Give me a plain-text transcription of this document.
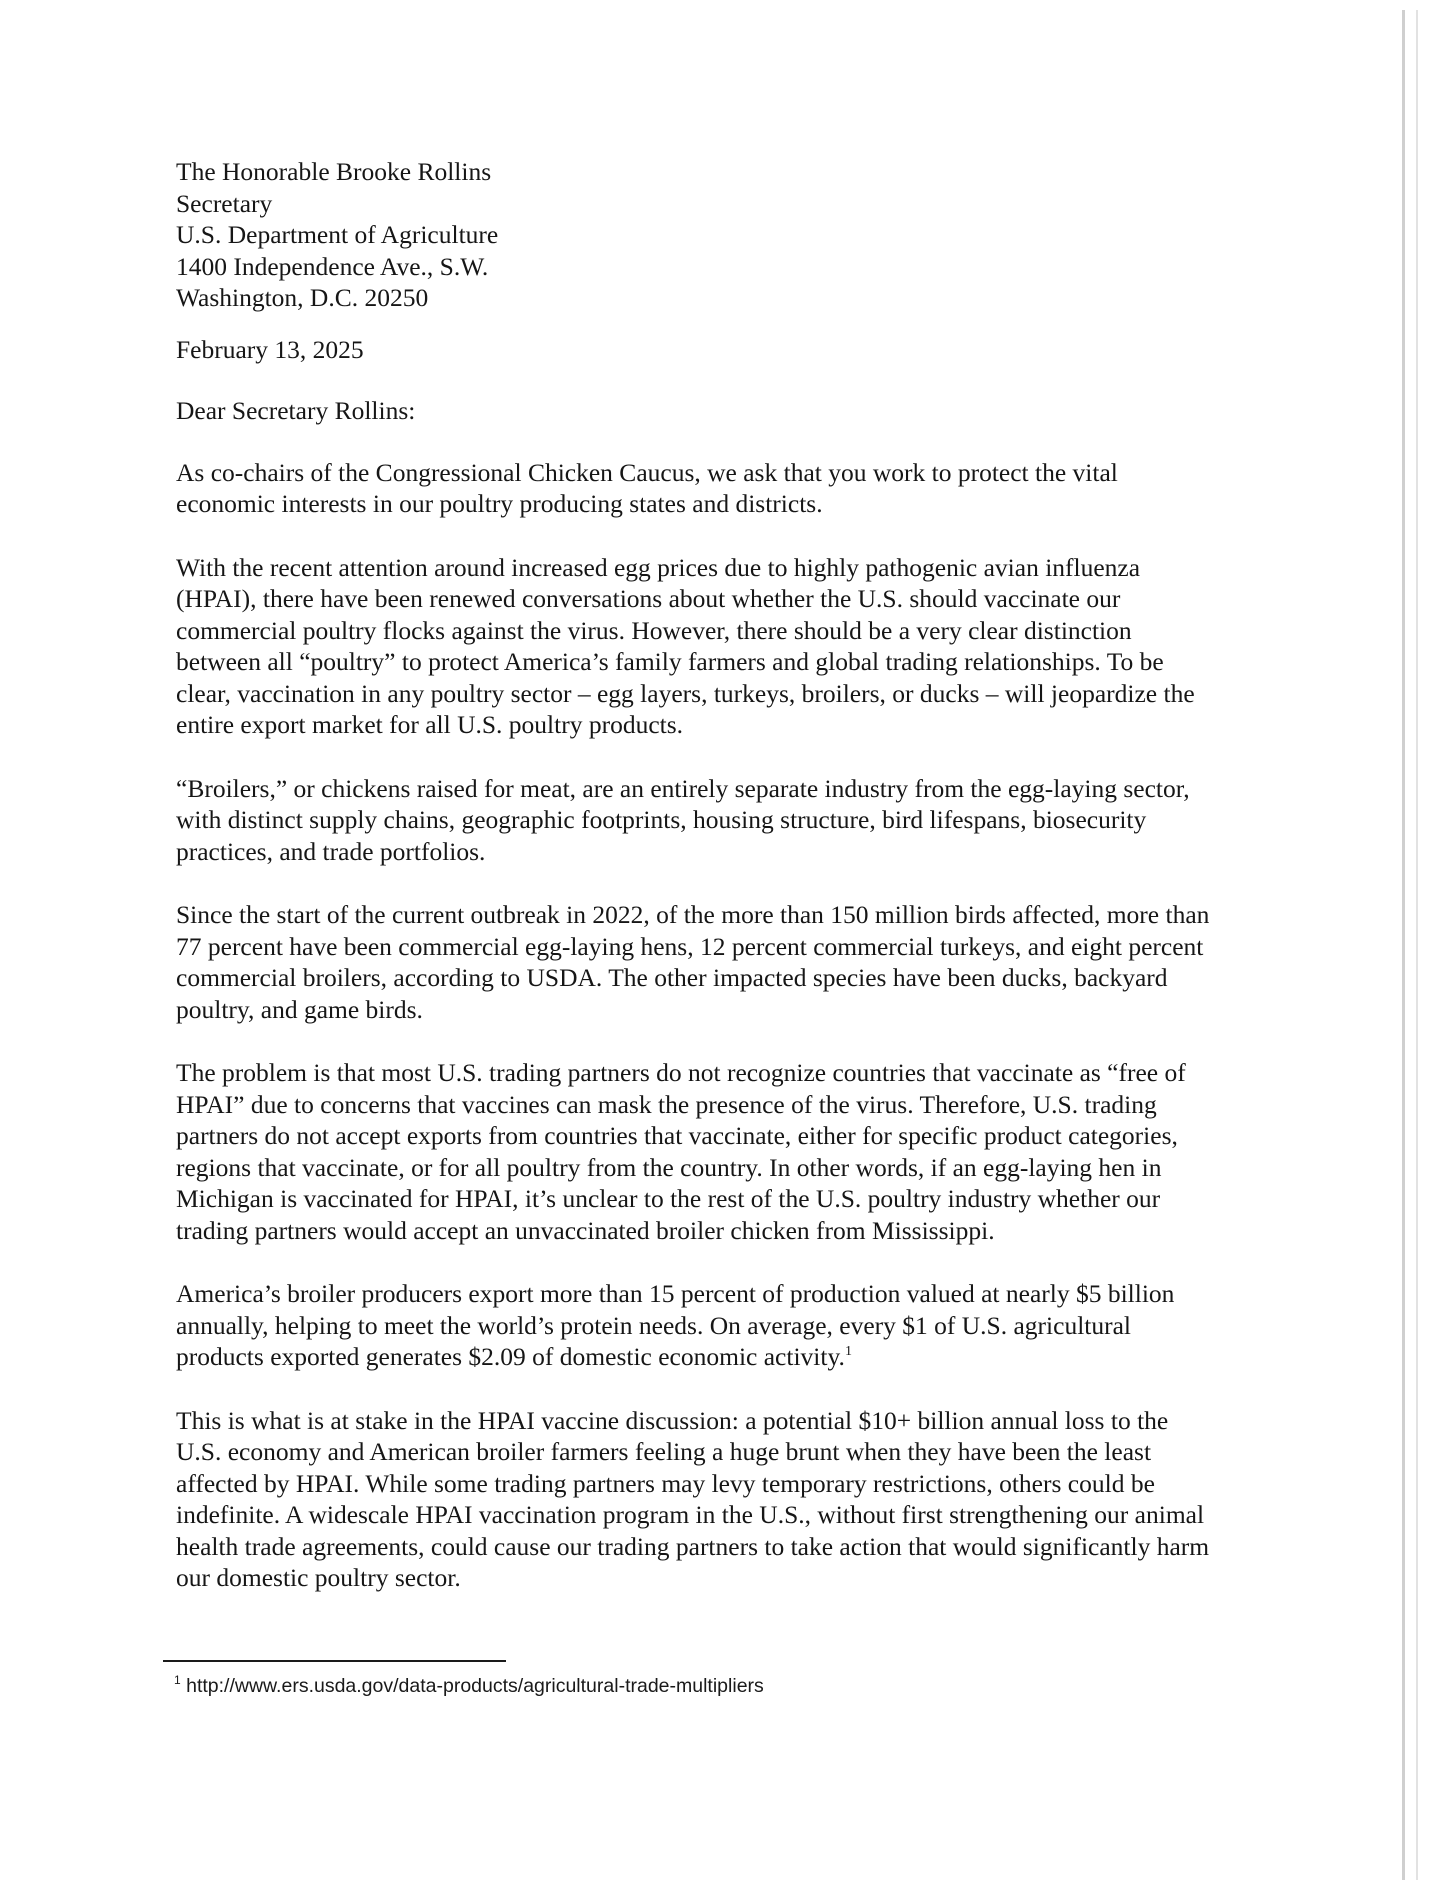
The Honorable Brooke Rollins
Secretary
U.S. Department of Agriculture
1400 Independence Ave., S.W.
Washington, D.C. 20250
February 13, 2025
Dear Secretary Rollins:
As co-chairs of the Congressional Chicken Caucus, we ask that you work to protect the vital
economic interests in our poultry producing states and districts.
With the recent attention around increased egg prices due to highly pathogenic avian influenza
(HPAI), there have been renewed conversations about whether the U.S. should vaccinate our
commercial poultry flocks against the virus. However, there should be a very clear distinction
between all “poultry” to protect America’s family farmers and global trading relationships. To be
clear, vaccination in any poultry sector – egg layers, turkeys, broilers, or ducks – will jeopardize the
entire export market for all U.S. poultry products.
“Broilers,” or chickens raised for meat, are an entirely separate industry from the egg-laying sector,
with distinct supply chains, geographic footprints, housing structure, bird lifespans, biosecurity
practices, and trade portfolios.
Since the start of the current outbreak in 2022, of the more than 150 million birds affected, more than
77 percent have been commercial egg-laying hens, 12 percent commercial turkeys, and eight percent
commercial broilers, according to USDA. The other impacted species have been ducks, backyard
poultry, and game birds.
The problem is that most U.S. trading partners do not recognize countries that vaccinate as “free of
HPAI” due to concerns that vaccines can mask the presence of the virus. Therefore, U.S. trading
partners do not accept exports from countries that vaccinate, either for specific product categories,
regions that vaccinate, or for all poultry from the country. In other words, if an egg-laying hen in
Michigan is vaccinated for HPAI, it’s unclear to the rest of the U.S. poultry industry whether our
trading partners would accept an unvaccinated broiler chicken from Mississippi.
America’s broiler producers export more than 15 percent of production valued at nearly $5 billion
annually, helping to meet the world’s protein needs. On average, every $1 of U.S. agricultural
products exported generates $2.09 of domestic economic activity.$^1$
This is what is at stake in the HPAI vaccine discussion: a potential $10+ billion annual loss to the
U.S. economy and American broiler farmers feeling a huge brunt when they have been the least
affected by HPAI. While some trading partners may levy temporary restrictions, others could be
indefinite. A widescale HPAI vaccination program in the U.S., without first strengthening our animal
health trade agreements, could cause our trading partners to take action that would significantly harm
our domestic poultry sector.
$^1$ http://www.ers.usda.gov/data-products/agricultural-trade-multipliers
